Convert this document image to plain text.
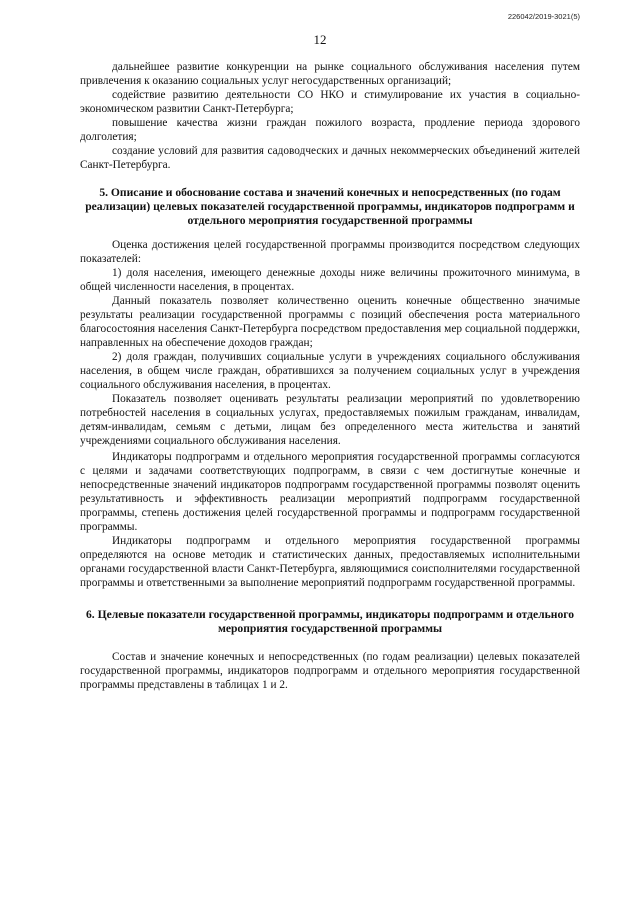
226042/2019-3021(5)
12

дальнейшее развитие конкуренции на рынке социального обслуживания населения путем привлечения к оказанию социальных услуг негосударственных организаций;

содействие развитию деятельности СО НКО и стимулирование их участия в социально-экономическом развитии Санкт-Петербурга;

повышение качества жизни граждан пожилого возраста, продление периода здорового долголетия;

создание условий для развития садоводческих и дачных некоммерческих объединений жителей Санкт-Петербурга.

5. Описание и обоснование состава и значений конечных и непосредственных (по годам реализации) целевых показателей государственной программы, индикаторов подпрограмм и отдельного мероприятия государственной программы

Оценка достижения целей государственной программы производится посредством следующих показателей:

1) доля населения, имеющего денежные доходы ниже величины прожиточного минимума, в общей численности населения, в процентах.

Данный показатель позволяет количественно оценить конечные общественно значимые результаты реализации государственной программы с позиций обеспечения роста материального благосостояния населения Санкт-Петербурга посредством предоставления мер социальной поддержки, направленных на обеспечение доходов граждан;

2) доля граждан, получивших социальные услуги в учреждениях социального обслуживания населения, в общем числе граждан, обратившихся за получением социальных услуг в учреждения социального обслуживания населения, в процентах.

Показатель позволяет оценивать результаты реализации мероприятий по удовлетворению потребностей населения в социальных услугах, предоставляемых пожилым гражданам, инвалидам, детям-инвалидам, семьям с детьми, лицам без определенного места жительства и занятий учреждениями социального обслуживания населения.

Индикаторы подпрограмм и отдельного мероприятия государственной программы согласуются с целями и задачами соответствующих подпрограмм, в связи с чем достигнутые конечные и непосредственные значений индикаторов подпрограмм государственной программы позволят оценить результативность и эффективность реализации мероприятий подпрограмм государственной программы, степень достижения целей государственной программы и подпрограмм государственной программы.

Индикаторы подпрограмм и отдельного мероприятия государственной программы определяются на основе методик и статистических данных, предоставляемых исполнительными органами государственной власти Санкт-Петербурга, являющимися соисполнителями государственной программы и ответственными за выполнение мероприятий подпрограмм государственной программы.

6. Целевые показатели государственной программы, индикаторы подпрограмм и отдельного мероприятия государственной программы

Состав и значение конечных и непосредственных (по годам реализации) целевых показателей государственной программы, индикаторов подпрограмм и отдельного мероприятия государственной программы представлены в таблицах 1 и 2.
